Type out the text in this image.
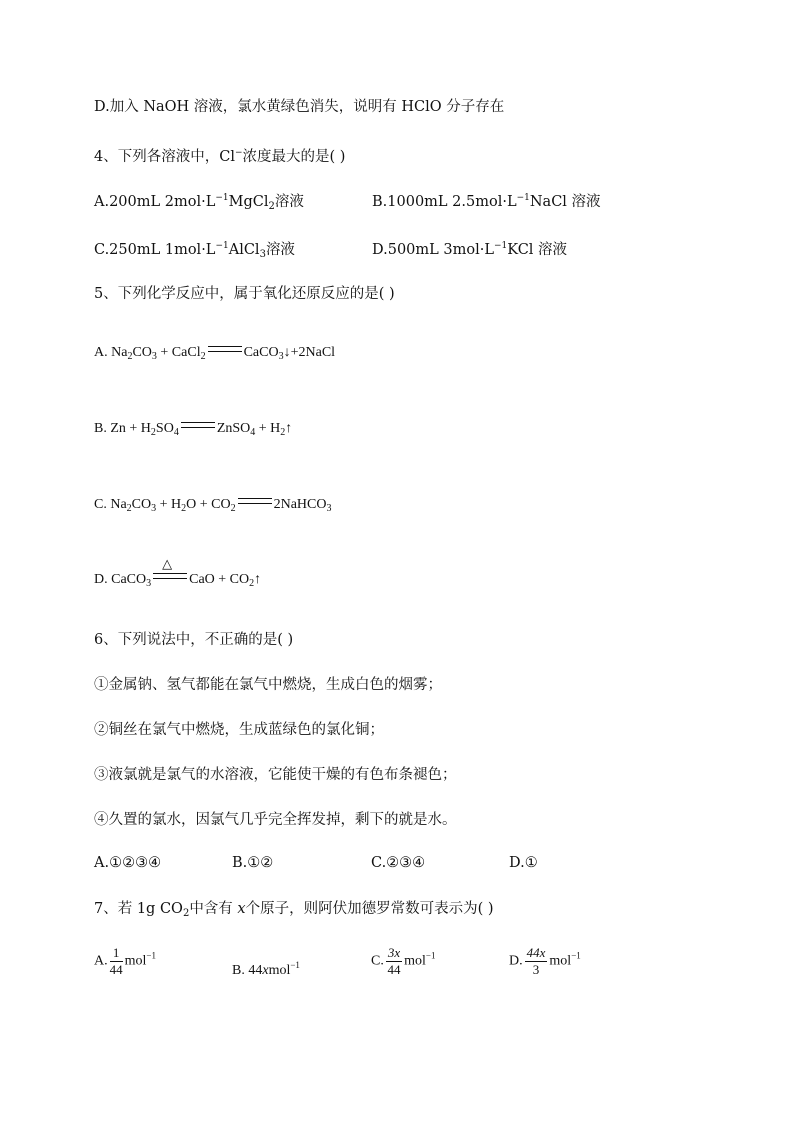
D.加入 NaOH 溶液，氯水黄绿色消失，说明有 HClO 分子存在
4、下列各溶液中，Cl−浓度最大的是( )
A.200mL $2mol\cdot L^{-1}MgCl_2$溶液	B.1000mL $2.5mol\cdot L^{-1}NaCl$ 溶液
C.250mL $1mol\cdot L^{-1}AlCl_3$溶液	D.500mL $3mol\cdot L^{-1}KCl$ 溶液
5、下列化学反应中，属于氧化还原反应的是( )
A. $Na_2CO_3$ + CaCl$_2$	CaCO$_3$↓+2NaCl
B. $Zn + H_2SO_4$	ZnSO$_4$ + $H_2↑$
C. $Na_2CO_3 + H_2O + CO_2$	2NaHCO$_3$
D. CaCO$_3$
△
CaO + $CO_2↑$
6、下列说法中，不正确的是( )
①金属钠、氢气都能在氯气中燃烧，生成白色的烟雾；
②铜丝在氯气中燃烧，生成蓝绿色的氯化铜；
③液氯就是氯气的水溶液，它能使干燥的有色布条褪色；
④久置的氯水，因氯气几乎完全挥发掉，剩下的就是水。
A.①②③④	B.①②	C.②③④	D.①
7、若 1g $CO_2$中含有 x个原子，则阿伏加德罗常数可表示为( )
A. $\frac{1}{44} mol^{-1}$
B. 44xmol$^{-1}$	C. $\frac{3x}{44} mol^{-1}$	D. $\frac{44x}{3} mol^{-1}$
